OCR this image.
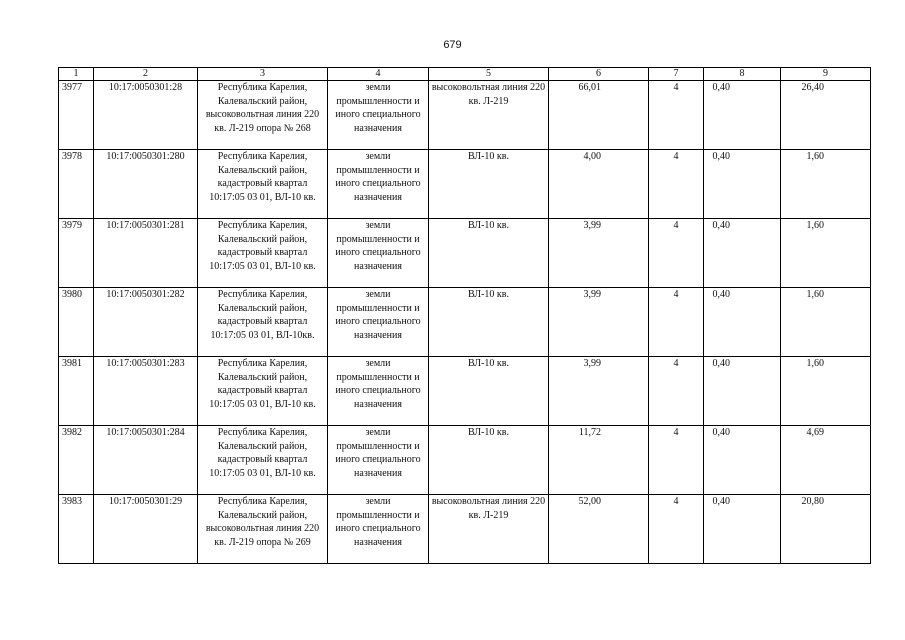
679
1	2	3	4	5	6	7	8	9
3977	10:17:0050301:28	Республика Карелия, Калевальский район, высоковольтная линия 220 кв. Л-219 опора № 268	земли промышленности и иного специального назначения	высоковольтная линия 220 кв. Л-219	66,01	4	0,40	26,40
3978	10:17:0050301:280	Республика Карелия, Калевальский район, кадастровый квартал 10:17:05 03 01, ВЛ-10 кв.	земли промышленности и иного специального назначения	ВЛ-10 кв.	4,00	4	0,40	1,60
3979	10:17:0050301:281	Республика Карелия, Калевальский район, кадастровый квартал 10:17:05 03 01, ВЛ-10 кв.	земли промышленности и иного специального назначения	ВЛ-10 кв.	3,99	4	0,40	1,60
3980	10:17:0050301:282	Республика Карелия, Калевальский район, кадастровый квартал 10:17:05 03 01, ВЛ-10кв.	земли промышленности и иного специального назначения	ВЛ-10 кв.	3,99	4	0,40	1,60
3981	10:17:0050301:283	Республика Карелия, Калевальский район, кадастровый квартал 10:17:05 03 01, ВЛ-10 кв.	земли промышленности и иного специального назначения	ВЛ-10 кв.	3,99	4	0,40	1,60
3982	10:17:0050301:284	Республика Карелия, Калевальский район, кадастровый квартал 10:17:05 03 01, ВЛ-10 кв.	земли промышленности и иного специального назначения	ВЛ-10 кв.	11,72	4	0,40	4,69
3983	10:17:0050301:29	Республика Карелия, Калевальский район, высоковольтная линия 220 кв. Л-219 опора № 269	земли промышленности и иного специального назначения	высоковольтная линия 220 кв. Л-219	52,00	4	0,40	20,80
